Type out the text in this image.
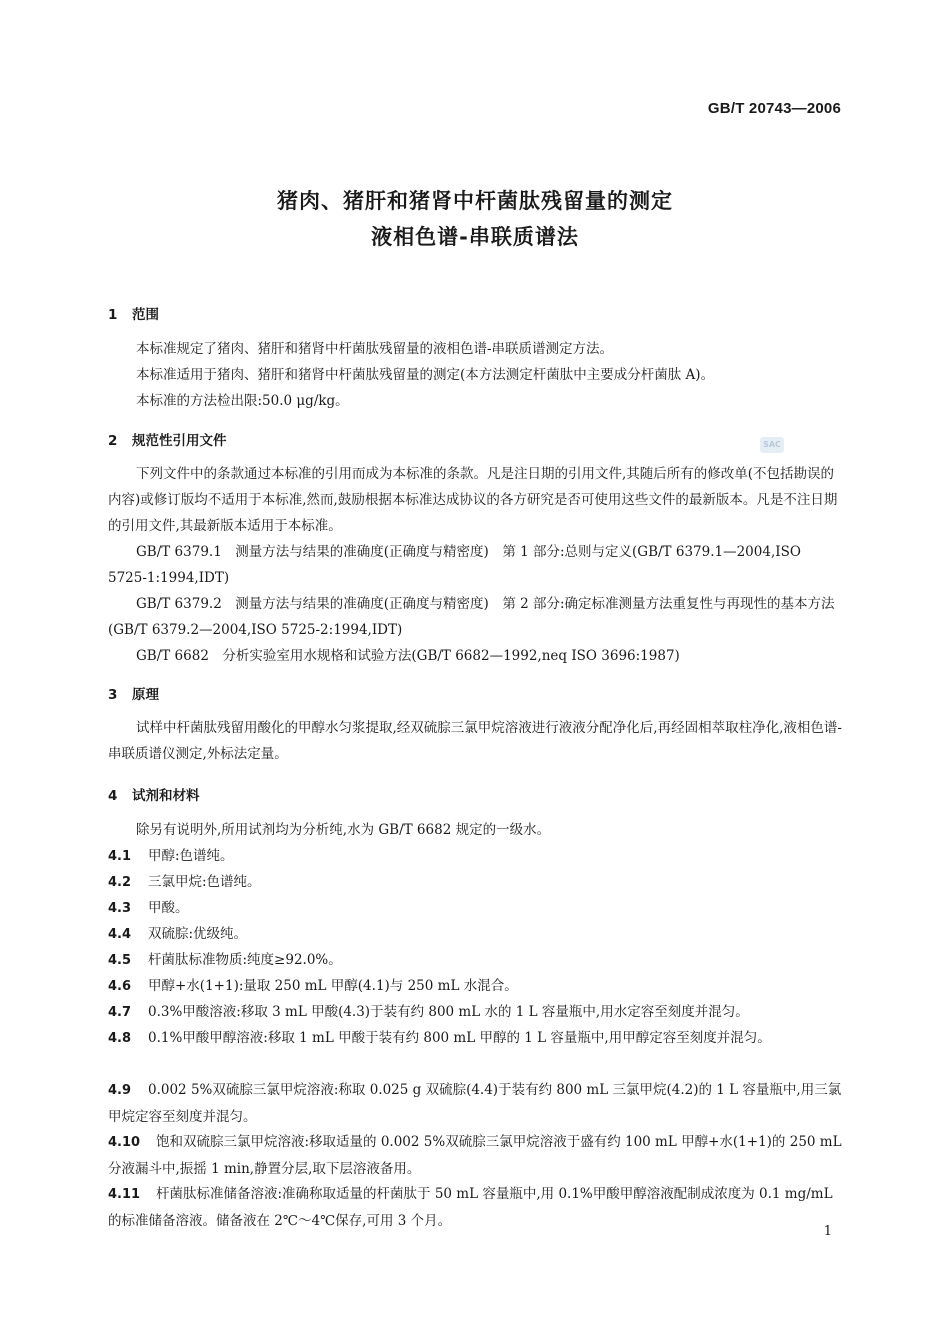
GB/T 20743—2006
猪肉、猪肝和猪肾中杆菌肽残留量的测定
液相色谱-串联质谱法
1 范围
本标准规定了猪肉、猪肝和猪肾中杆菌肽残留量的液相色谱-串联质谱测定方法。
本标准适用于猪肉、猪肝和猪肾中杆菌肽残留量的测定(本方法测定杆菌肽中主要成分杆菌肽 A)。
本标准的方法检出限:50.0 μg/kg。
SAC
2 规范性引用文件
下列文件中的条款通过本标准的引用而成为本标准的条款。凡是注日期的引用文件,其随后所有的修改单(不包括勘误的内容)或修订版均不适用于本标准,然而,鼓励根据本标准达成协议的各方研究是否可使用这些文件的最新版本。凡是不注日期的引用文件,其最新版本适用于本标准。
GB/T 6379.1　测量方法与结果的准确度(正确度与精密度)　第 1 部分:总则与定义(GB/T 6379.1—2004,ISO 5725-1:1994,IDT)
GB/T 6379.2　测量方法与结果的准确度(正确度与精密度)　第 2 部分:确定标准测量方法重复性与再现性的基本方法(GB/T 6379.2—2004,ISO 5725-2:1994,IDT)
GB/T 6682　分析实验室用水规格和试验方法(GB/T 6682—1992,neq ISO 3696:1987)
3 原理
试样中杆菌肽残留用酸化的甲醇水匀浆提取,经双硫腙三氯甲烷溶液进行液液分配净化后,再经固相萃取柱净化,液相色谱-串联质谱仪测定,外标法定量。
4 试剂和材料
除另有说明外,所用试剂均为分析纯,水为 GB/T 6682 规定的一级水。
4.1 甲醇:色谱纯。
4.2 三氯甲烷:色谱纯。
4.3 甲酸。
4.4 双硫腙:优级纯。
4.5 杆菌肽标准物质:纯度≥92.0%。
4.6 甲醇+水(1+1):量取 250 mL 甲醇(4.1)与 250 mL 水混合。
4.7 0.3%甲酸溶液:移取 3 mL 甲酸(4.3)于装有约 800 mL 水的 1 L 容量瓶中,用水定容至刻度并混匀。
4.8 0.1%甲酸甲醇溶液:移取 1 mL 甲酸于装有约 800 mL 甲醇的 1 L 容量瓶中,用甲醇定容至刻度并混匀。
4.9 0.002 5%双硫腙三氯甲烷溶液:称取 0.025 g 双硫腙(4.4)于装有约 800 mL 三氯甲烷(4.2)的 1 L 容量瓶中,用三氯甲烷定容至刻度并混匀。
4.10 饱和双硫腙三氯甲烷溶液:移取适量的 0.002 5%双硫腙三氯甲烷溶液于盛有约 100 mL 甲醇+水(1+1)的 250 mL 分液漏斗中,振摇 1 min,静置分层,取下层溶液备用。
4.11 杆菌肽标准储备溶液:准确称取适量的杆菌肽于 50 mL 容量瓶中,用 0.1%甲酸甲醇溶液配制成浓度为 0.1 mg/mL 的标准储备溶液。储备液在 2℃～4℃保存,可用 3 个月。
1
